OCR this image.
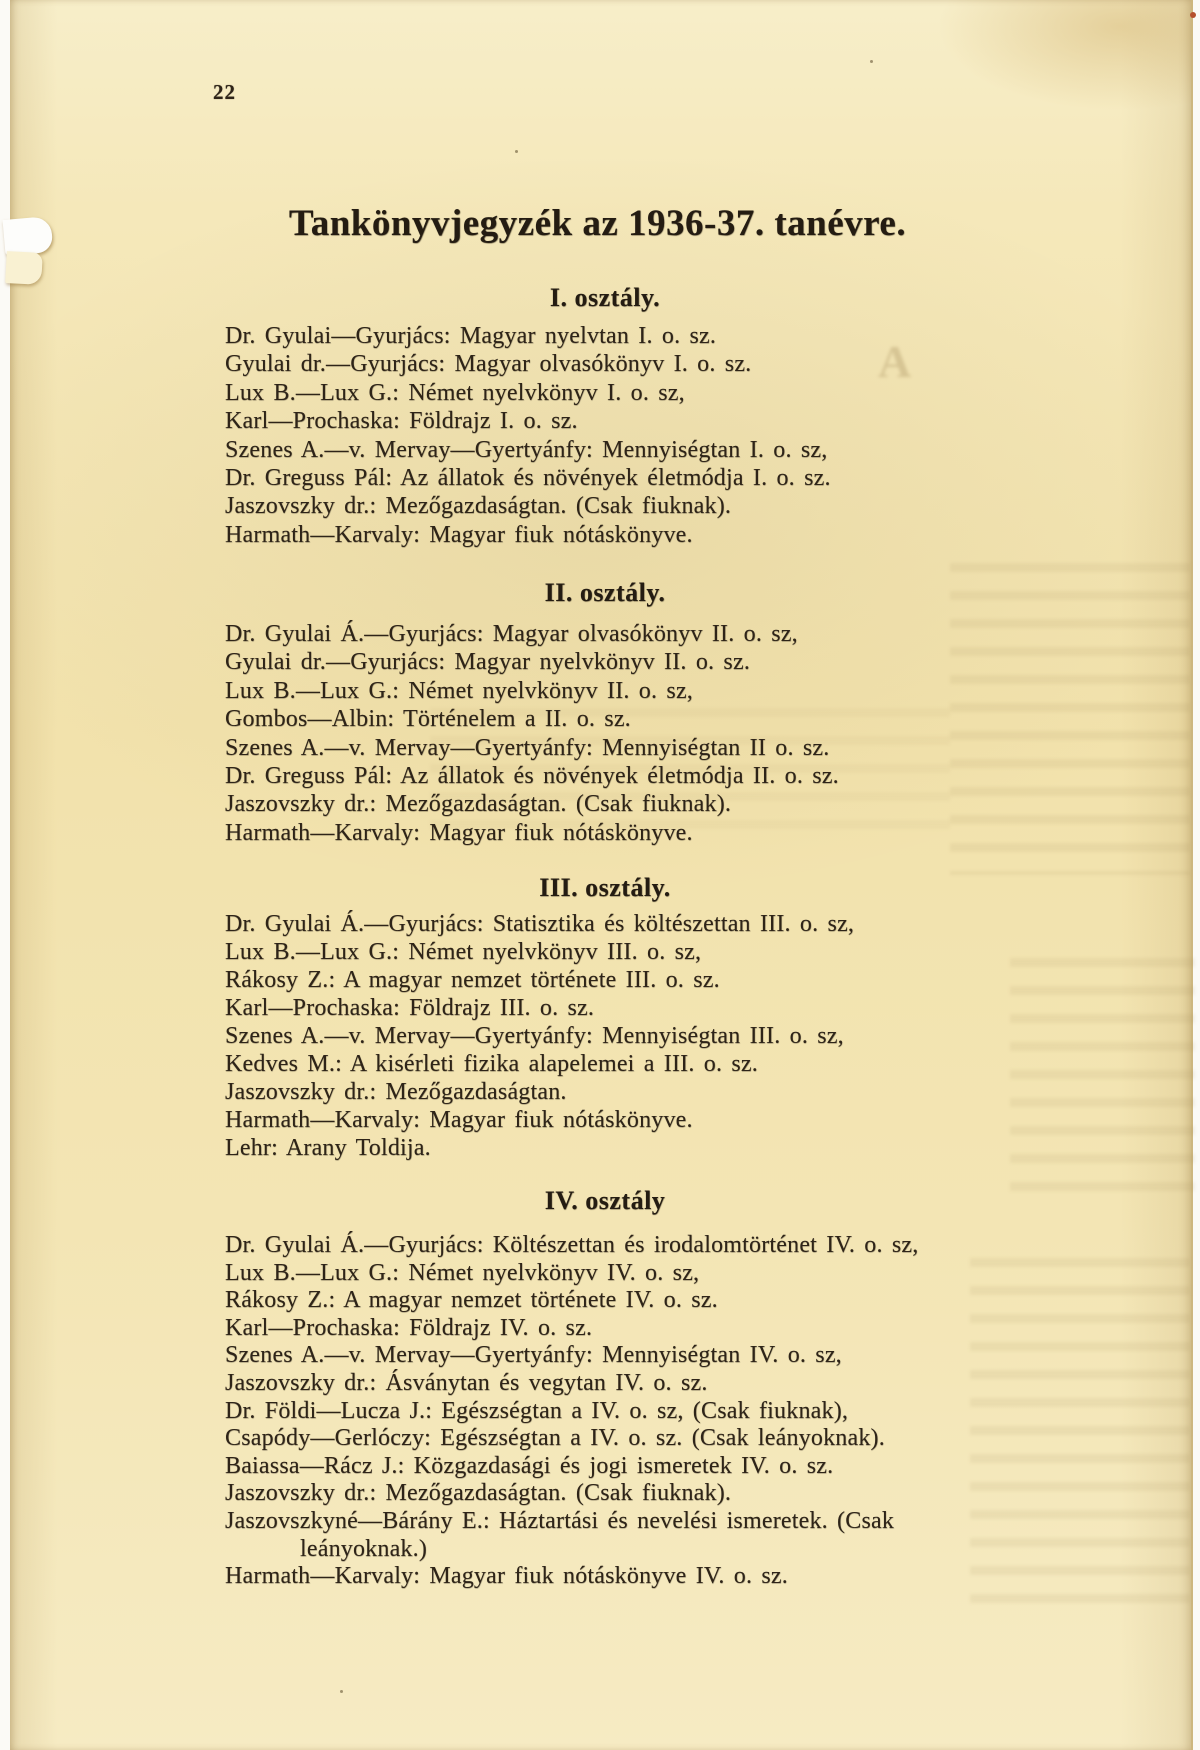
A
22
Tankönyvjegyzék az 1936-37. tanévre.
I. osztály.
Dr. Gyulai—Gyurjács: Magyar nyelvtan I. o. sz.
Gyulai dr.—Gyurjács: Magyar olvasókönyv I. o. sz.
Lux B.—Lux G.: Német nyelvkönyv I. o. sz,
Karl—Prochaska: Földrajz I. o. sz.
Szenes A.—v. Mervay—Gyertyánfy: Mennyiségtan I. o. sz,
Dr. Greguss Pál: Az állatok és növények életmódja I. o. sz.
Jaszovszky dr.: Mezőgazdaságtan. (Csak fiuknak).
Harmath—Karvaly: Magyar fiuk nótáskönyve.
II. osztály.
Dr. Gyulai Á.—Gyurjács: Magyar olvasókönyv II. o. sz,
Gyulai dr.—Gyurjács: Magyar nyelvkönyv II. o. sz.
Lux B.—Lux G.: Német nyelvkönyv II. o. sz,
Gombos—Albin: Történelem a II. o. sz.
Szenes A.—v. Mervay—Gyertyánfy: Mennyiségtan II o. sz.
Dr. Greguss Pál: Az állatok és növények életmódja II. o. sz.
Jaszovszky dr.: Mezőgazdaságtan. (Csak fiuknak).
Harmath—Karvaly: Magyar fiuk nótáskönyve.
III. osztály.
Dr. Gyulai Á.—Gyurjács: Statisztika és költészettan III. o. sz,
Lux B.—Lux G.: Német nyelvkönyv III. o. sz,
Rákosy Z.: A magyar nemzet története III. o. sz.
Karl—Prochaska: Földrajz III. o. sz.
Szenes A.—v. Mervay—Gyertyánfy: Mennyiségtan III. o. sz,
Kedves M.: A kisérleti fizika alapelemei a III. o. sz.
Jaszovszky dr.: Mezőgazdaságtan.
Harmath—Karvaly: Magyar fiuk nótáskönyve.
Lehr: Arany Toldija.
IV. osztály
Dr. Gyulai Á.—Gyurjács: Költészettan és irodalomtörténet IV. o. sz,
Lux B.—Lux G.: Német nyelvkönyv IV. o. sz,
Rákosy Z.: A magyar nemzet története IV. o. sz.
Karl—Prochaska: Földrajz IV. o. sz.
Szenes A.—v. Mervay—Gyertyánfy: Mennyiségtan IV. o. sz,
Jaszovszky dr.: Ásványtan és vegytan IV. o. sz.
Dr. Földi—Lucza J.: Egészségtan a IV. o. sz, (Csak fiuknak),
Csapódy—Gerlóczy: Egészségtan a IV. o. sz. (Csak leányoknak).
Baiassa—Rácz J.: Közgazdasági és jogi ismeretek IV. o. sz.
Jaszovszky dr.: Mezőgazdaságtan. (Csak fiuknak).
Jaszovszkyné—Bárány E.: Háztartási és nevelési ismeretek. (Csak
leányoknak.)
Harmath—Karvaly: Magyar fiuk nótáskönyve IV. o. sz.
